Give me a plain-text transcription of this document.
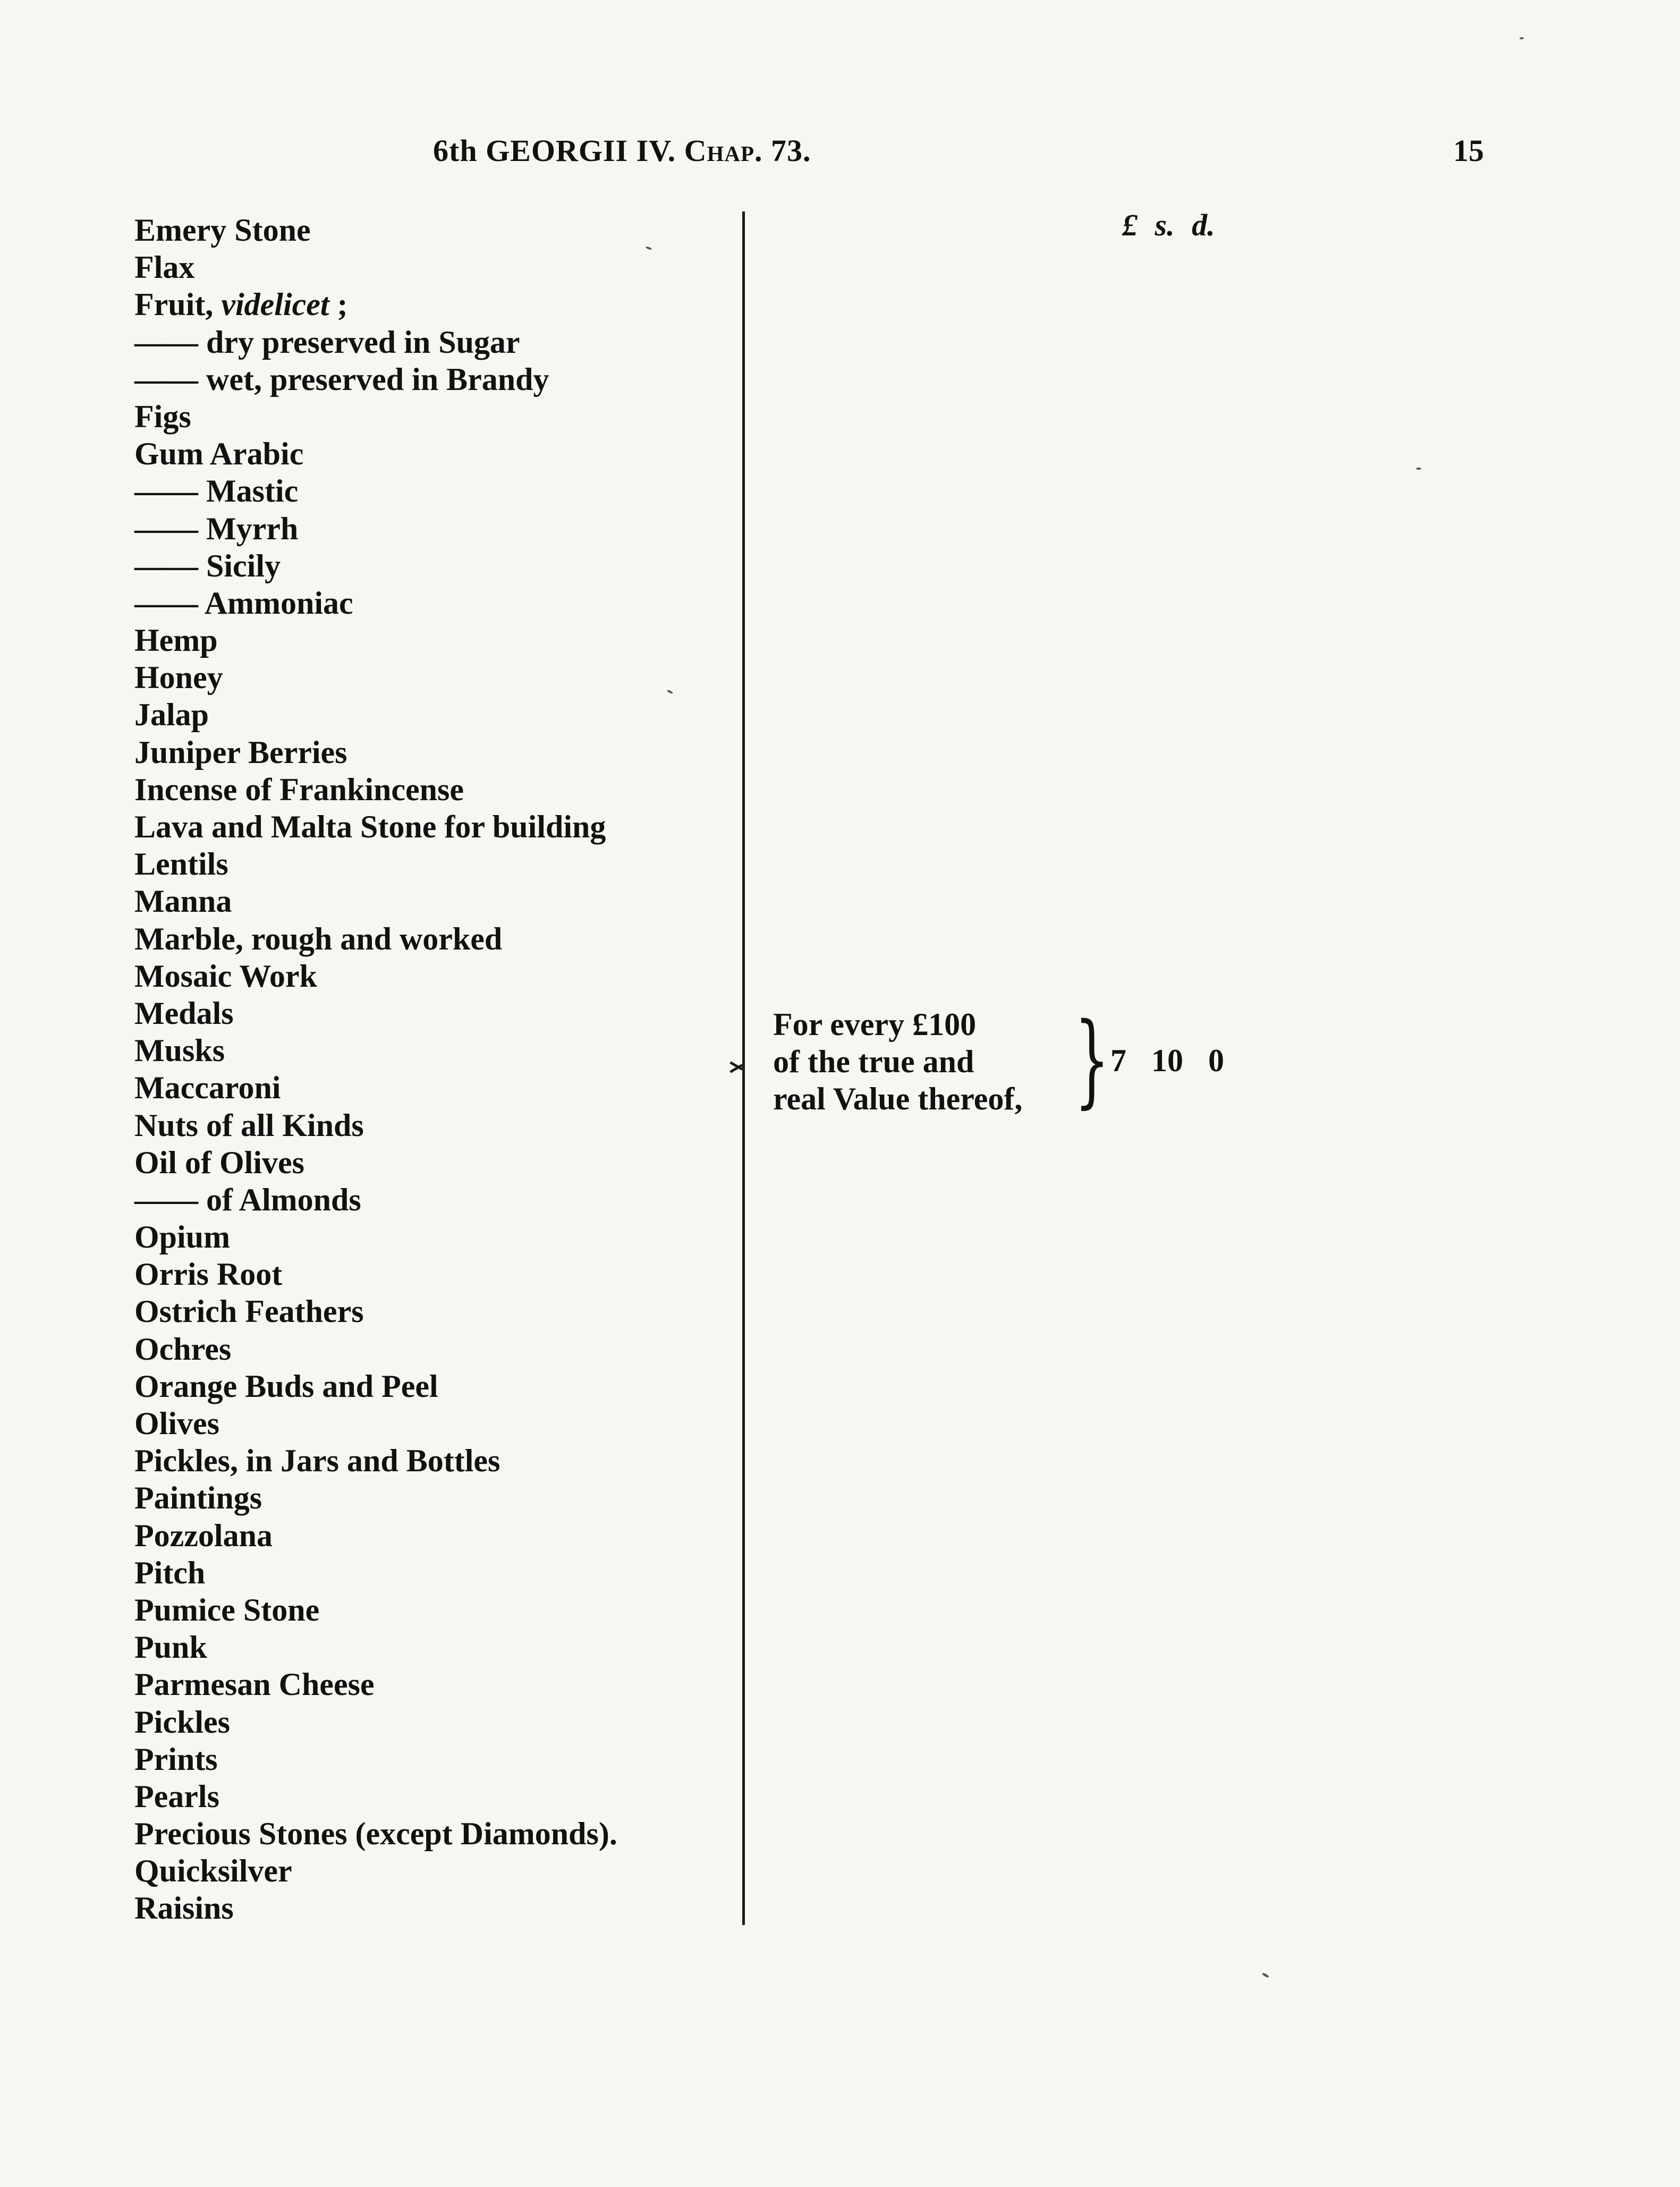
6th GEORGII IV. Chap. 73.	15
£ s. d.
Emery Stone
Flax
Fruit, videlicet ;
—— dry preserved in Sugar
—— wet, preserved in Brandy
Figs
Gum Arabic
—— Mastic
—— Myrrh
—— Sicily
—— Ammoniac
Hemp
Honey
Jalap
Juniper Berries
Incense of Frankincense
Lava and Malta Stone for building
Lentils
Manna
Marble, rough and worked
Mosaic Work
Medals
Musks
Maccaroni
Nuts of all Kinds
Oil of Olives
—— of Almonds
Opium
Orris Root
Ostrich Feathers
Ochres
Orange Buds and Peel
Olives
Pickles, in Jars and Bottles
Paintings
Pozzolana
Pitch
Pumice Stone
Punk
Parmesan Cheese
Pickles
Prints
Pearls
Precious Stones (except Diamonds).
Quicksilver
Raisins
For every £100
of the true and
real Value thereof, } 7 10 0
